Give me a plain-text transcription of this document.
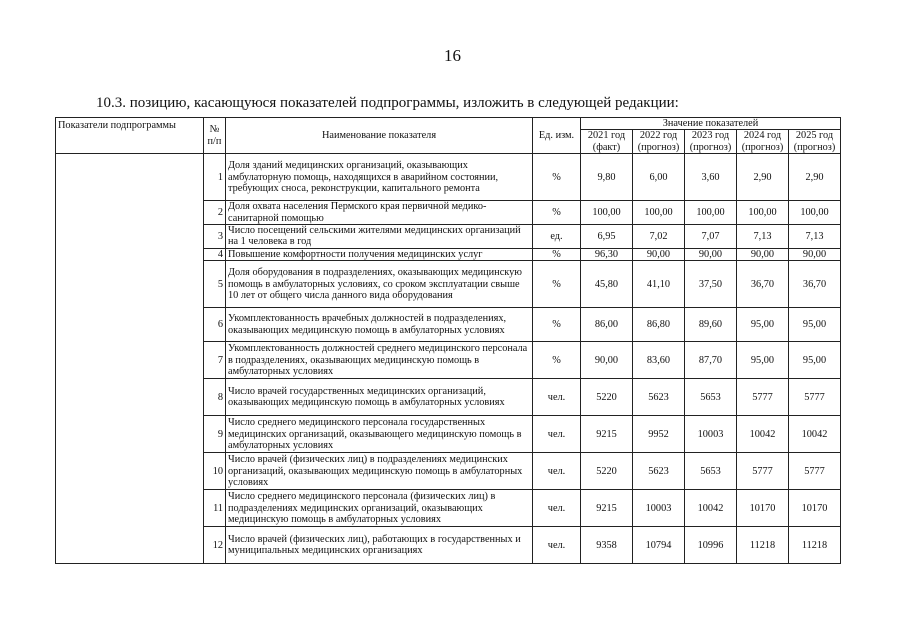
16
10.3. позицию, касающуюся показателей подпрограммы, изложить в следующей редакции:
Показатели подпрограммы	№ п/п	Наименование показателя	Ед. изм.	Значение показателей				
				2021 год (факт)	2022 год (прогноз)	2023 год (прогноз)	2024 год (прогноз)	2025 год (прогноз)
	1	Доля зданий медицинских организаций, оказывающих амбулаторную помощь, находящихся в аварийном состоянии, требующих сноса, реконструкции, капитального ремонта	%	9,80	6,00	3,60	2,90	2,90
	2	Доля охвата населения Пермского края первичной медико-санитарной помощью	%	100,00	100,00	100,00	100,00	100,00
	3	Число посещений сельскими жителями медицинских организаций на 1 человека в год	ед.	6,95	7,02	7,07	7,13	7,13
	4	Повышение комфортности получения медицинских услуг	%	96,30	90,00	90,00	90,00	90,00
	5	Доля оборудования в подразделениях, оказывающих медицинскую помощь в амбулаторных условиях, со сроком эксплуатации свыше 10 лет от общего числа данного вида оборудования	%	45,80	41,10	37,50	36,70	36,70
	6	Укомплектованность врачебных должностей в подразделениях, оказывающих медицинскую помощь в амбулаторных условиях	%	86,00	86,80	89,60	95,00	95,00
	7	Укомплектованность должностей среднего медицинского персонала в подразделениях, оказывающих медицинскую помощь в амбулаторных условиях	%	90,00	83,60	87,70	95,00	95,00
	8	Число врачей государственных медицинских организаций, оказывающих медицинскую помощь в амбулаторных условиях	чел.	5220	5623	5653	5777	5777
	9	Число среднего медицинского персонала государственных медицинских организаций, оказывающего медицинскую помощь в амбулаторных условиях	чел.	9215	9952	10003	10042	10042
	10	Число врачей (физических лиц) в подразделениях медицинских организаций, оказывающих медицинскую помощь в амбулаторных условиях	чел.	5220	5623	5653	5777	5777
	11	Число среднего медицинского персонала (физических лиц) в подразделениях медицинских организаций, оказывающих медицинскую помощь в амбулаторных условиях	чел.	9215	10003	10042	10170	10170
	12	Число врачей (физических лиц), работающих в государственных и муниципальных медицинских организациях	чел.	9358	10794	10996	11218	11218
